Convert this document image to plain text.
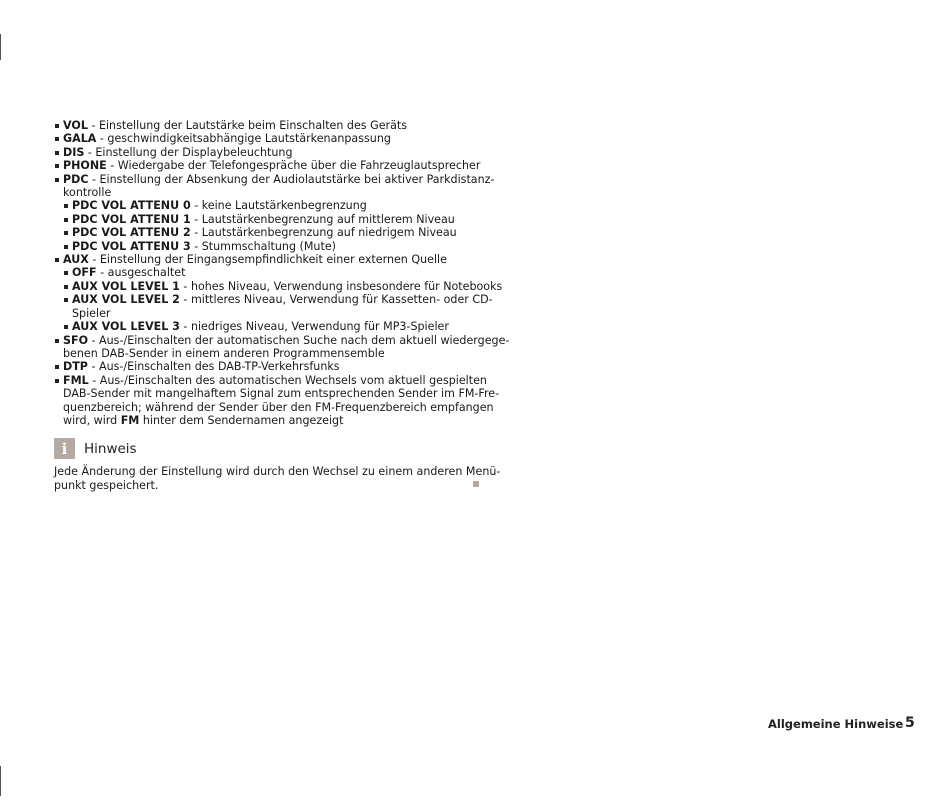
VOL - Einstellung der Lautstärke beim Einschalten des Geräts
GALA - geschwindigkeitsabhängige Lautstärkenanpassung
DIS - Einstellung der Displaybeleuchtung
PHONE - Wiedergabe der Telefongespräche über die Fahrzeuglautsprecher
PDC - Einstellung der Absenkung der Audiolautstärke bei aktiver Parkdistanz-
kontrolle
PDC VOL ATTENU 0 - keine Lautstärkenbegrenzung
PDC VOL ATTENU 1 - Lautstärkenbegrenzung auf mittlerem Niveau
PDC VOL ATTENU 2 - Lautstärkenbegrenzung auf niedrigem Niveau
PDC VOL ATTENU 3 - Stummschaltung (Mute)
AUX - Einstellung der Eingangsempfindlichkeit einer externen Quelle
OFF - ausgeschaltet
AUX VOL LEVEL 1 - hohes Niveau, Verwendung insbesondere für Notebooks
AUX VOL LEVEL 2 - mittleres Niveau, Verwendung für Kassetten- oder CD-
Spieler
AUX VOL LEVEL 3 - niedriges Niveau, Verwendung für MP3-Spieler
SFO - Aus-/Einschalten der automatischen Suche nach dem aktuell wiedergege-
benen DAB-Sender in einem anderen Programmensemble
DTP - Aus-/Einschalten des DAB-TP-Verkehrsfunks
FML - Aus-/Einschalten des automatischen Wechsels vom aktuell gespielten
DAB-Sender mit mangelhaftem Signal zum entsprechenden Sender im FM-Fre-
quenzbereich; während der Sender über den FM-Frequenzbereich empfangen
wird, wird FM hinter dem Sendernamen angezeigt
i	Hinweis
Jede Änderung der Einstellung wird durch den Wechsel zu einem anderen Menü-
punkt gespeichert.
Allgemeine Hinweise 5
